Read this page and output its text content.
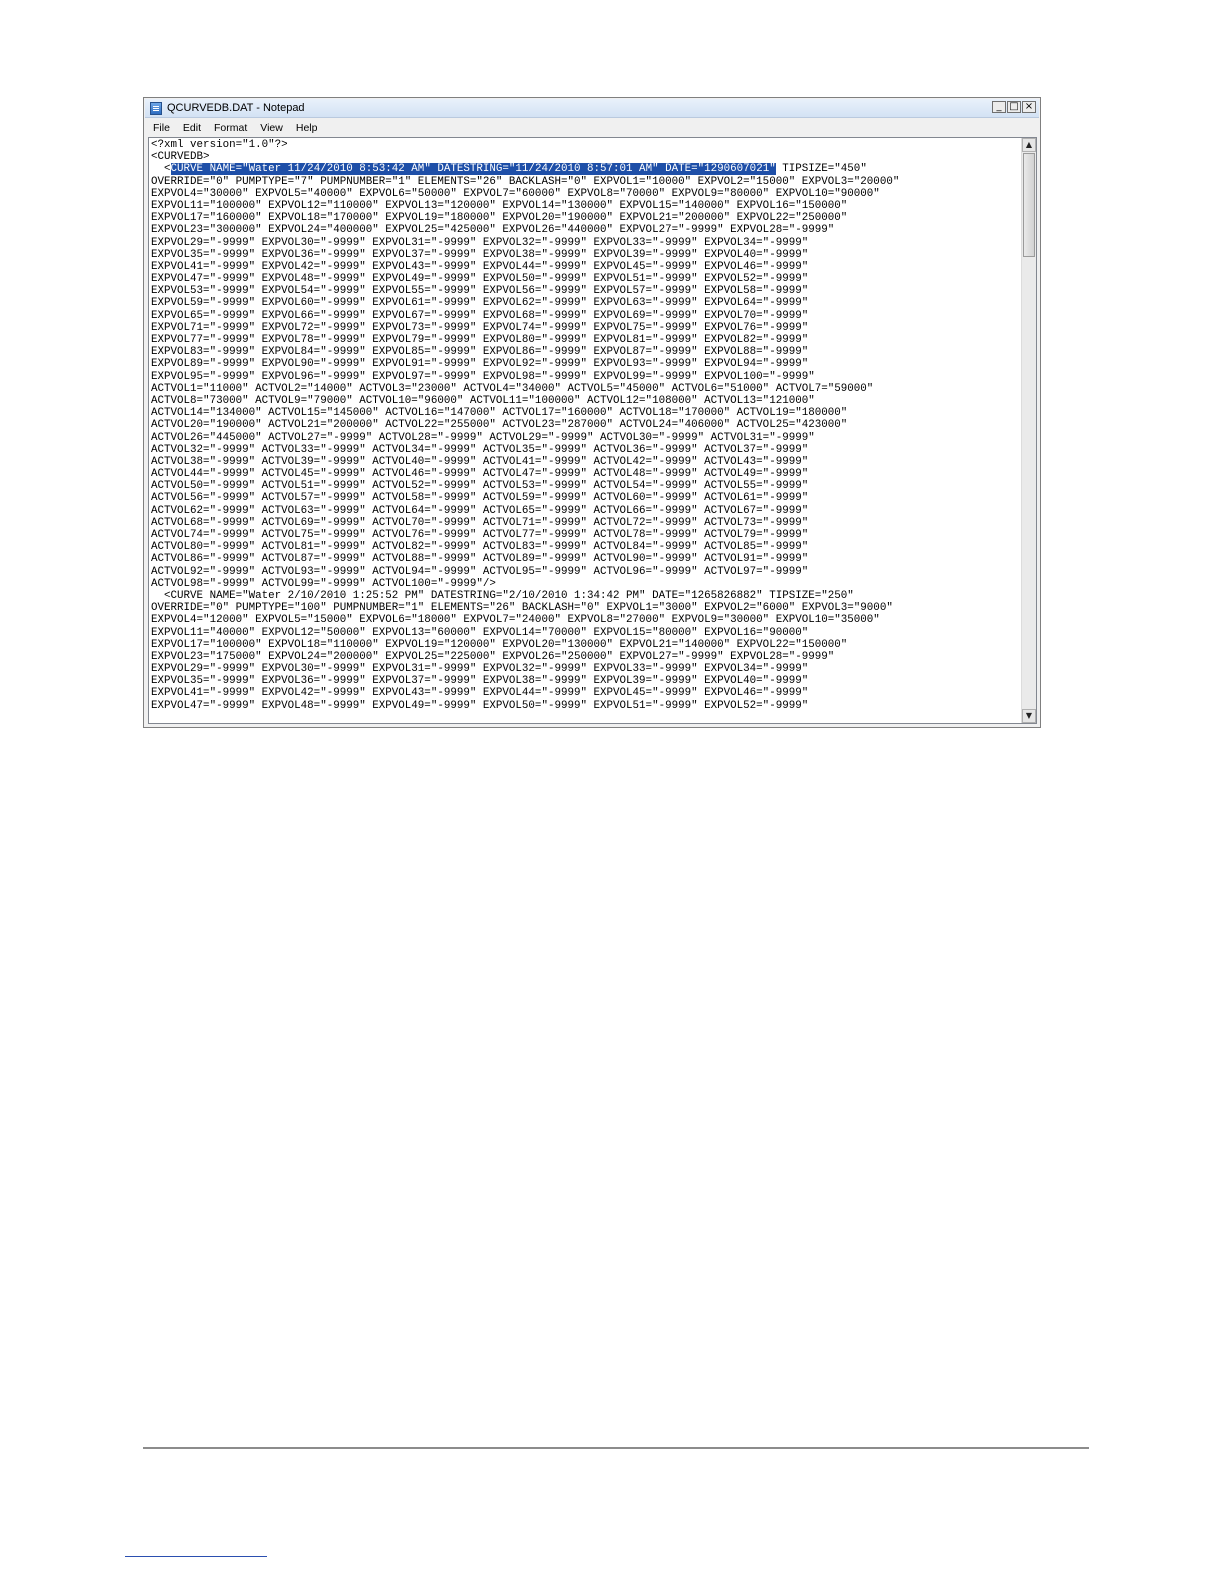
QCURVEDB.DAT - Notepad	_ □ ×
File	Edit	Format	View	Help
<?xml version="1.0"?>
<CURVEDB>
<CURVE NAME="Water 11/24/2010 8:53:42 AM" DATESTRING="11/24/2010 8:57:01 AM" DATE="1290607021" TIPSIZE="450"
OVERRIDE="0" PUMPTYPE="7" PUMPNUMBER="1" ELEMENTS="26" BACKLASH="0" EXPVOL1="10000" EXPVOL2="15000" EXPVOL3="20000"
EXPVOL4="30000" EXPVOL5="40000" EXPVOL6="50000" EXPVOL7="60000" EXPVOL8="70000" EXPVOL9="80000" EXPVOL10="90000"
EXPVOL11="100000" EXPVOL12="110000" EXPVOL13="120000" EXPVOL14="130000" EXPVOL15="140000" EXPVOL16="150000"
EXPVOL17="160000" EXPVOL18="170000" EXPVOL19="180000" EXPVOL20="190000" EXPVOL21="200000" EXPVOL22="250000"
EXPVOL23="300000" EXPVOL24="400000" EXPVOL25="425000" EXPVOL26="440000" EXPVOL27="-9999" EXPVOL28="-9999"
EXPVOL29="-9999" EXPVOL30="-9999" EXPVOL31="-9999" EXPVOL32="-9999" EXPVOL33="-9999" EXPVOL34="-9999"
EXPVOL35="-9999" EXPVOL36="-9999" EXPVOL37="-9999" EXPVOL38="-9999" EXPVOL39="-9999" EXPVOL40="-9999"
EXPVOL41="-9999" EXPVOL42="-9999" EXPVOL43="-9999" EXPVOL44="-9999" EXPVOL45="-9999" EXPVOL46="-9999"
EXPVOL47="-9999" EXPVOL48="-9999" EXPVOL49="-9999" EXPVOL50="-9999" EXPVOL51="-9999" EXPVOL52="-9999"
EXPVOL53="-9999" EXPVOL54="-9999" EXPVOL55="-9999" EXPVOL56="-9999" EXPVOL57="-9999" EXPVOL58="-9999"
EXPVOL59="-9999" EXPVOL60="-9999" EXPVOL61="-9999" EXPVOL62="-9999" EXPVOL63="-9999" EXPVOL64="-9999"
EXPVOL65="-9999" EXPVOL66="-9999" EXPVOL67="-9999" EXPVOL68="-9999" EXPVOL69="-9999" EXPVOL70="-9999"
EXPVOL71="-9999" EXPVOL72="-9999" EXPVOL73="-9999" EXPVOL74="-9999" EXPVOL75="-9999" EXPVOL76="-9999"
EXPVOL77="-9999" EXPVOL78="-9999" EXPVOL79="-9999" EXPVOL80="-9999" EXPVOL81="-9999" EXPVOL82="-9999"
EXPVOL83="-9999" EXPVOL84="-9999" EXPVOL85="-9999" EXPVOL86="-9999" EXPVOL87="-9999" EXPVOL88="-9999"
EXPVOL89="-9999" EXPVOL90="-9999" EXPVOL91="-9999" EXPVOL92="-9999" EXPVOL93="-9999" EXPVOL94="-9999"
EXPVOL95="-9999" EXPVOL96="-9999" EXPVOL97="-9999" EXPVOL98="-9999" EXPVOL99="-9999" EXPVOL100="-9999"
ACTVOL1="11000" ACTVOL2="14000" ACTVOL3="23000" ACTVOL4="34000" ACTVOL5="45000" ACTVOL6="51000" ACTVOL7="59000"
ACTVOL8="73000" ACTVOL9="79000" ACTVOL10="96000" ACTVOL11="100000" ACTVOL12="108000" ACTVOL13="121000"
ACTVOL14="134000" ACTVOL15="145000" ACTVOL16="147000" ACTVOL17="160000" ACTVOL18="170000" ACTVOL19="180000"
ACTVOL20="190000" ACTVOL21="200000" ACTVOL22="255000" ACTVOL23="287000" ACTVOL24="406000" ACTVOL25="423000"
ACTVOL26="445000" ACTVOL27="-9999" ACTVOL28="-9999" ACTVOL29="-9999" ACTVOL30="-9999" ACTVOL31="-9999"
ACTVOL32="-9999" ACTVOL33="-9999" ACTVOL34="-9999" ACTVOL35="-9999" ACTVOL36="-9999" ACTVOL37="-9999"
ACTVOL38="-9999" ACTVOL39="-9999" ACTVOL40="-9999" ACTVOL41="-9999" ACTVOL42="-9999" ACTVOL43="-9999"
ACTVOL44="-9999" ACTVOL45="-9999" ACTVOL46="-9999" ACTVOL47="-9999" ACTVOL48="-9999" ACTVOL49="-9999"
ACTVOL50="-9999" ACTVOL51="-9999" ACTVOL52="-9999" ACTVOL53="-9999" ACTVOL54="-9999" ACTVOL55="-9999"
ACTVOL56="-9999" ACTVOL57="-9999" ACTVOL58="-9999" ACTVOL59="-9999" ACTVOL60="-9999" ACTVOL61="-9999"
ACTVOL62="-9999" ACTVOL63="-9999" ACTVOL64="-9999" ACTVOL65="-9999" ACTVOL66="-9999" ACTVOL67="-9999"
ACTVOL68="-9999" ACTVOL69="-9999" ACTVOL70="-9999" ACTVOL71="-9999" ACTVOL72="-9999" ACTVOL73="-9999"
ACTVOL74="-9999" ACTVOL75="-9999" ACTVOL76="-9999" ACTVOL77="-9999" ACTVOL78="-9999" ACTVOL79="-9999"
ACTVOL80="-9999" ACTVOL81="-9999" ACTVOL82="-9999" ACTVOL83="-9999" ACTVOL84="-9999" ACTVOL85="-9999"
ACTVOL86="-9999" ACTVOL87="-9999" ACTVOL88="-9999" ACTVOL89="-9999" ACTVOL90="-9999" ACTVOL91="-9999"
ACTVOL92="-9999" ACTVOL93="-9999" ACTVOL94="-9999" ACTVOL95="-9999" ACTVOL96="-9999" ACTVOL97="-9999"
ACTVOL98="-9999" ACTVOL99="-9999" ACTVOL100="-9999"/>
<CURVE NAME="Water 2/10/2010 1:25:52 PM" DATESTRING="2/10/2010 1:34:42 PM" DATE="1265826882" TIPSIZE="250"
OVERRIDE="0" PUMPTYPE="100" PUMPNUMBER="1" ELEMENTS="26" BACKLASH="0" EXPVOL1="3000" EXPVOL2="6000" EXPVOL3="9000"
EXPVOL4="12000" EXPVOL5="15000" EXPVOL6="18000" EXPVOL7="24000" EXPVOL8="27000" EXPVOL9="30000" EXPVOL10="35000"
EXPVOL11="40000" EXPVOL12="50000" EXPVOL13="60000" EXPVOL14="70000" EXPVOL15="80000" EXPVOL16="90000"
EXPVOL17="100000" EXPVOL18="110000" EXPVOL19="120000" EXPVOL20="130000" EXPVOL21="140000" EXPVOL22="150000"
EXPVOL23="175000" EXPVOL24="200000" EXPVOL25="225000" EXPVOL26="250000" EXPVOL27="-9999" EXPVOL28="-9999"
EXPVOL29="-9999" EXPVOL30="-9999" EXPVOL31="-9999" EXPVOL32="-9999" EXPVOL33="-9999" EXPVOL34="-9999"
EXPVOL35="-9999" EXPVOL36="-9999" EXPVOL37="-9999" EXPVOL38="-9999" EXPVOL39="-9999" EXPVOL40="-9999"
EXPVOL41="-9999" EXPVOL42="-9999" EXPVOL43="-9999" EXPVOL44="-9999" EXPVOL45="-9999" EXPVOL46="-9999"
EXPVOL47="-9999" EXPVOL48="-9999" EXPVOL49="-9999" EXPVOL50="-9999" EXPVOL51="-9999" EXPVOL52="-9999"
▲
▼
